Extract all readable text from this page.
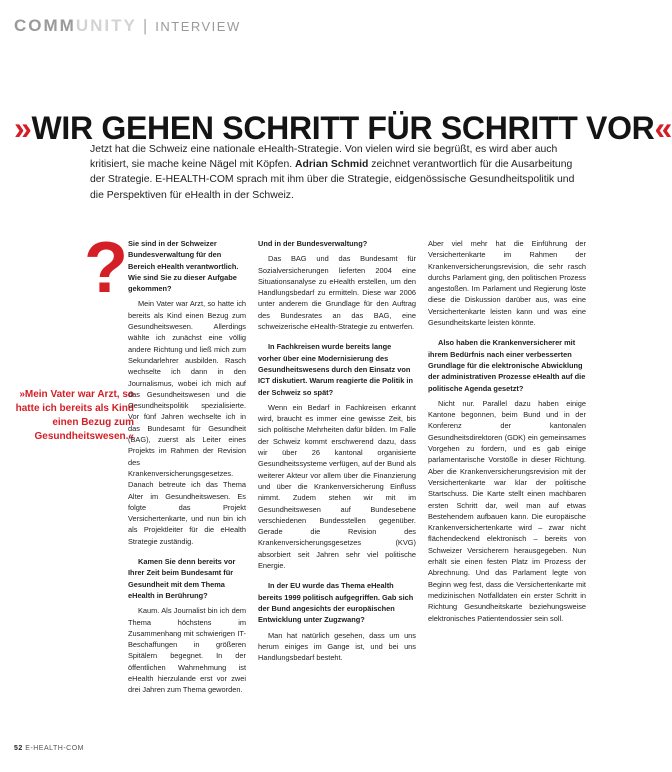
COMMUNITY | INTERVIEW
»WIR GEHEN SCHRITT FÜR SCHRITT VOR«
Jetzt hat die Schweiz eine nationale eHealth-Strategie. Von vielen wird sie begrüßt, es wird aber auch kritisiert, sie mache keine Nägel mit Köpfen. Adrian Schmid zeichnet verantwortlich für die Ausarbeitung der Strategie. E-HEALTH-COM sprach mit ihm über die Strategie, eidgenössische Gesundheitspolitik und die Perspektiven für eHealth in der Schweiz.
?
»Mein Vater war Arzt, so hatte ich bereits als Kind einen Bezug zum Gesundheitswesen.«

Sie sind in der Schweizer Bundesverwaltung für den Bereich eHealth verantwortlich. Wie sind Sie zu dieser Aufgabe gekommen?

Mein Vater war Arzt, so hatte ich bereits als Kind einen Bezug zum Gesundheitswesen. Allerdings wählte ich zunächst eine völlig andere Richtung und ließ mich zum Sekundarlehrer ausbilden. Rasch wechselte ich dann in den Journalismus, wobei ich mich auf das Gesundheitswesen und die Gesundheitspolitik spezialisierte. Vor fünf Jahren wechselte ich in das Bundesamt für Gesundheit (BAG), zuerst als Leiter eines Projekts im Rahmen der Revision des Krankenversicherungsgesetzes. Danach betreute ich das Thema Alter im Gesundheitswesen. Es folgte das Projekt Versichertenkarte, und nun bin ich als Projektleiter für die eHealth Strategie zuständig.

Kamen Sie denn bereits vor Ihrer Zeit beim Bundesamt für Gesundheit mit dem Thema eHealth in Berührung?

Kaum. Als Journalist bin ich dem Thema höchstens im Zusammenhang mit schwierigen IT-Beschaffungen in größeren Spitälern begegnet. In der öffentlichen Wahrnehmung ist eHealth hierzulande erst vor zwei drei Jahren zum Thema geworden.

Und in der Bundesverwaltung?

Das BAG und das Bundesamt für Sozialversicherungen lieferten 2004 eine Situationsanalyse zu eHealth erstellen, um den Handlungsbedarf zu ermitteln. Diese war 2006 unter anderem die Grundlage für den Auftrag des Bundesrates an das BAG, eine schweizerische eHealth-Strategie zu entwerfen.

In Fachkreisen wurde bereits lange vorher über eine Modernisierung des Gesundheitswesens durch den Einsatz von ICT diskutiert. Warum reagierte die Politik in der Schweiz so spät?

Wenn ein Bedarf in Fachkreisen erkannt wird, braucht es immer eine gewisse Zeit, bis sich politische Mehrheiten dafür bilden. Im Falle der Schweiz kommt erschwerend dazu, dass wir über 26 kantonal organisierte Gesundheitssysteme verfügen, auf der Bund als weiterer Akteur vor allem über die Finanzierung und über die Krankenversicherung Einfluss nimmt. Zudem stehen wir mit im Gesundheitswesen auf Bundesebene verschiedenen Bundesstellen gegenüber. Gerade die Revision des Krankenversicherungsgesetzes (KVG) absorbiert seit Jahren sehr viel politische Energie.

In der EU wurde das Thema eHealth bereits 1999 politisch aufgegriffen. Gab sich der Bund angesichts der europäischen Entwicklung unter Zugzwang?

Man hat natürlich gesehen, dass um uns herum einiges im Gange ist, und bei uns Handlungsbedarf besteht.

Aber viel mehr hat die Einführung der Versichertenkarte im Rahmen der Krankenversicherungsrevision, die sehr rasch durchs Parlament ging, den politischen Prozess angestoßen. Im Parlament und Regierung löste diese die Diskussion darüber aus, was eine Versichertenkarte leisten kann und was eine Gesundheitskarte leisten könnte.

Also haben die Krankenversicherer mit ihrem Bedürfnis nach einer verbesserten Grundlage für die elektronische Abwicklung der administrativen Prozesse eHealth auf die politische Agenda gesetzt?

Nicht nur. Parallel dazu haben einige Kantone begonnen, beim Bund und in der Konferenz der kantonalen Gesundheitsdirektoren (GDK) ein gemeinsames Vorgehen zu fordern, und es gab einige parlamentarische Vorstöße in dieser Richtung. Aber die Krankenversicherungsrevision mit der Versichertenkarte war klar der politische Startschuss. Die Karte stellt einen machbaren ersten Schritt dar, weil man auf etwas Bestehendem aufbauen kann. Die europäische Krankenversichertenkarte wird – zwar nicht flächendeckend elektronisch – bereits von Schweizer Versicherern herausgegeben. Nun erhält sie einen festen Platz im Prozess der Abrechnung. Und das Parlament legte von Beginn weg fest, dass die Versichertenkarte mit medizinischen Notfalldaten ein erster Schritt in Richtung Gesundheitskarte beziehungsweise elektronisches Patientendossier sein soll.

52 E-HEALTH-COM
